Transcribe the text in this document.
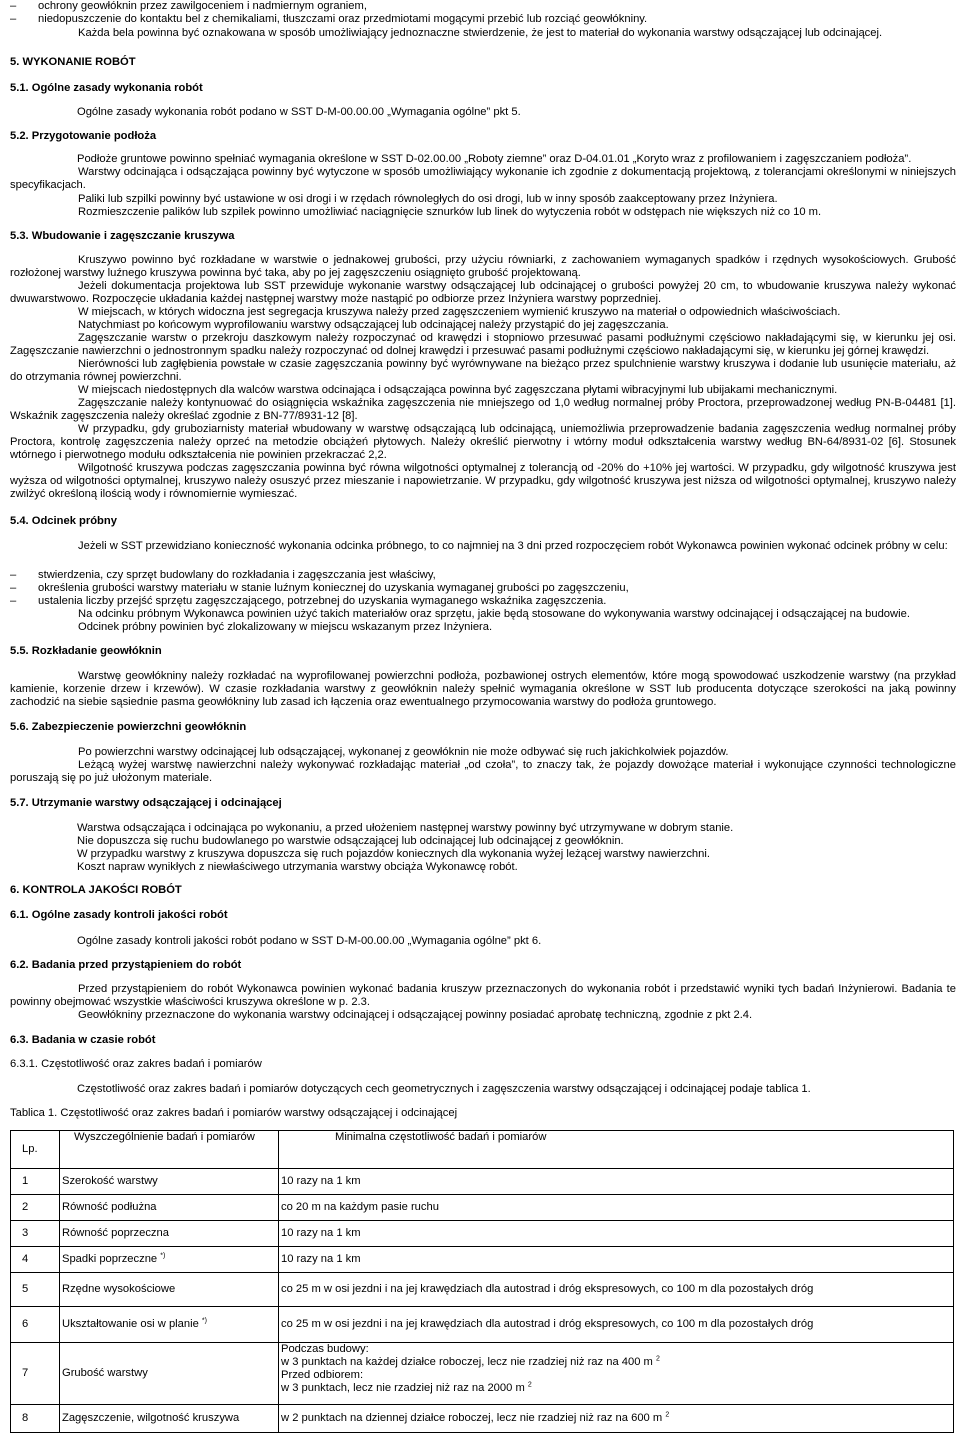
– ochrony geowłóknin przez zawilgoceniem i nadmiernym ograniem,

– niedopuszczenie do kontaktu bel z chemikaliami, tłuszczami oraz przedmiotami mogącymi przebić lub rozciąć geowłókniny.

Każda bela powinna być oznakowana w sposób umożliwiający jednoznaczne stwierdzenie, że jest to materiał do wykonania warstwy odsączającej lub odcinającej.

5. WYKONANIE ROBÓT

5.1. Ogólne zasady wykonania robót

Ogólne zasady wykonania robót podano w SST D-M-00.00.00 „Wymagania ogólne” pkt 5.

5.2. Przygotowanie podłoża

Podłoże gruntowe powinno spełniać wymagania określone w SST D-02.00.00 „Roboty ziemne” oraz D-04.01.01 „Koryto wraz z profilowaniem i zagęszczaniem podłoża”.

Warstwy odcinająca i odsączająca powinny być wytyczone w sposób umożliwiający wykonanie ich zgodnie z dokumentacją projektową, z tolerancjami określonymi w niniejszych specyfikacjach.

Paliki lub szpilki powinny być ustawione w osi drogi i w rzędach równoległych do osi drogi, lub w inny sposób zaakceptowany przez Inżyniera.

Rozmieszczenie palików lub szpilek powinno umożliwiać naciągnięcie sznurków lub linek do wytyczenia robót w odstępach nie większych niż co 10 m.

5.3. Wbudowanie i zagęszczanie kruszywa

Kruszywo powinno być rozkładane w warstwie o jednakowej grubości, przy użyciu równiarki, z zachowaniem wymaganych spadków i rzędnych wysokościowych. Grubość rozłożonej warstwy luźnego kruszywa powinna być taka, aby po jej zagęszczeniu osiągnięto grubość projektowaną.

Jeżeli dokumentacja projektowa lub SST przewiduje wykonanie warstwy odsączającej lub odcinającej o grubości powyżej 20 cm, to wbudowanie kruszywa należy wykonać dwuwarstwowo. Rozpoczęcie układania każdej następnej warstwy może nastąpić po odbiorze przez Inżyniera warstwy poprzedniej.

W miejscach, w których widoczna jest segregacja kruszywa należy przed zagęszczeniem wymienić kruszywo na materiał o odpowiednich właściwościach.

Natychmiast po końcowym wyprofilowaniu warstwy odsączającej lub odcinającej należy przystąpić do jej zagęszczania.

Zagęszczanie warstw o przekroju daszkowym należy rozpoczynać od krawędzi i stopniowo przesuwać pasami podłużnymi częściowo nakładającymi się, w kierunku jej osi. Zagęszczanie nawierzchni o jednostronnym spadku należy rozpoczynać od dolnej krawędzi i przesuwać pasami podłużnymi częściowo nakładającymi się, w kierunku jej górnej krawędzi.

Nierówności lub zagłębienia powstałe w czasie zagęszczania powinny być wyrównywane na bieżąco przez spulchnienie warstwy kruszywa i dodanie lub usunięcie materiału, aż do otrzymania równej powierzchni.

W miejscach niedostępnych dla walców warstwa odcinająca i odsączająca powinna być zagęszczana płytami wibracyjnymi lub ubijakami mechanicznymi.

Zagęszczanie należy kontynuować do osiągnięcia wskaźnika zagęszczenia nie mniejszego od 1,0 według normalnej próby Proctora, przeprowadzonej według PN-B-04481 [1]. Wskaźnik zagęszczenia należy określać zgodnie z BN-77/8931-12 [8].

W przypadku, gdy gruboziarnisty materiał wbudowany w warstwę odsączającą lub odcinającą, uniemożliwia przeprowadzenie badania zagęszczenia według normalnej próby Proctora, kontrolę zagęszczenia należy oprzeć na metodzie obciążeń płytowych. Należy określić pierwotny i wtórny moduł odkształcenia warstwy według BN-64/8931-02 [6]. Stosunek wtórnego i pierwotnego modułu odkształcenia nie powinien przekraczać 2,2.

Wilgotność kruszywa podczas zagęszczania powinna być równa wilgotności optymalnej z tolerancją od -20% do +10% jej wartości. W przypadku, gdy wilgotność kruszywa jest wyższa od wilgotności optymalnej, kruszywo należy osuszyć przez mieszanie i napowietrzanie. W przypadku, gdy wilgotność kruszywa jest niższa od wilgotności optymalnej, kruszywo należy zwilżyć określoną ilością wody i równomiernie wymieszać.

5.4. Odcinek próbny

Jeżeli w SST przewidziano konieczność wykonania odcinka próbnego, to co najmniej na 3 dni przed rozpoczęciem robót Wykonawca powinien wykonać odcinek próbny w celu:

– stwierdzenia, czy sprzęt budowlany do rozkładania i zagęszczania jest właściwy,

– określenia grubości warstwy materiału w stanie luźnym koniecznej do uzyskania wymaganej grubości po zagęszczeniu,

– ustalenia liczby przejść sprzętu zagęszczającego, potrzebnej do uzyskania wymaganego wskaźnika zagęszczenia.

Na odcinku próbnym Wykonawca powinien użyć takich materiałów oraz sprzętu, jakie będą stosowane do wykonywania warstwy odcinającej i odsączającej na budowie.

Odcinek próbny powinien być zlokalizowany w miejscu wskazanym przez Inżyniera.

5.5. Rozkładanie geowłóknin

Warstwę geowłókniny należy rozkładać na wyprofilowanej powierzchni podłoża, pozbawionej ostrych elementów, które mogą spowodować uszkodzenie warstwy (na przykład kamienie, korzenie drzew i krzewów). W czasie rozkładania warstwy z geowłóknin należy spełnić wymagania określone w SST lub producenta dotyczące szerokości na jaką powinny zachodzić na siebie sąsiednie pasma geowłókniny lub zasad ich łączenia oraz ewentualnego przymocowania warstwy do podłoża gruntowego.

5.6. Zabezpieczenie powierzchni geowłóknin

Po powierzchni warstwy odcinającej lub odsączającej, wykonanej z geowłóknin nie może odbywać się ruch jakichkolwiek pojazdów.

Leżącą wyżej warstwę nawierzchni należy wykonywać rozkładając materiał „od czoła”, to znaczy tak, że pojazdy dowożące materiał i wykonujące czynności technologiczne poruszają się po już ułożonym materiale.

5.7. Utrzymanie warstwy odsączającej i odcinającej

Warstwa odsączająca i odcinająca po wykonaniu, a przed ułożeniem następnej warstwy powinny być utrzymywane w dobrym stanie.

Nie dopuszcza się ruchu budowlanego po warstwie odsączającej lub odcinającej lub odcinającej z geowłóknin.

W przypadku warstwy z kruszywa dopuszcza się ruch pojazdów koniecznych dla wykonania wyżej leżącej warstwy nawierzchni.

Koszt napraw wynikłych z niewłaściwego utrzymania warstwy obciąża Wykonawcę robót.

6. KONTROLA JAKOŚCI ROBÓT

6.1. Ogólne zasady kontroli jakości robót

Ogólne zasady kontroli jakości robót podano w SST D-M-00.00.00 „Wymagania ogólne” pkt 6.

6.2. Badania przed przystąpieniem do robót

Przed przystąpieniem do robót Wykonawca powinien wykonać badania kruszyw przeznaczonych do wykonania robót i przedstawić wyniki tych badań Inżynierowi. Badania te powinny obejmować wszystkie właściwości kruszywa określone w p. 2.3.

Geowłókniny przeznaczone do wykonania warstwy odcinającej i odsączającej powinny posiadać aprobatę techniczną, zgodnie z pkt 2.4.

6.3. Badania w czasie robót

6.3.1. Częstotliwość oraz zakres badań i pomiarów

Częstotliwość oraz zakres badań i pomiarów dotyczących cech geometrycznych i zagęszczenia warstwy odsączającej i odcinającej podaje tablica 1.

Tablica 1. Częstotliwość oraz zakres badań i pomiarów warstwy odsączającej i odcinającej

Lp.	Wyszczególnienie badań i pomiarów	Minimalna częstotliwość badań i pomiarów
1	Szerokość warstwy	10 razy na 1 km
2	Równość podłużna	co 20 m na każdym pasie ruchu
3	Równość poprzeczna	10 razy na 1 km
4	Spadki poprzeczne *)	10 razy na 1 km
5	Rzędne wysokościowe	co 25 m w osi jezdni i na jej krawędziach dla autostrad i dróg ekspresowych, co 100 m dla pozostałych dróg
6	Ukształtowanie osi w planie *)	co 25 m w osi jezdni i na jej krawędziach dla autostrad i dróg ekspresowych, co 100 m dla pozostałych dróg
7	Grubość warstwy	Podczas budowy:
w 3 punktach na każdej działce roboczej, lecz nie rzadziej niż raz na 400 m $^2$
Przed odbiorem:
w 3 punktach, lecz nie rzadziej niż raz na 2000 m $^2$

8	Zagęszczenie, wilgotność kruszywa	w 2 punktach na dziennej działce roboczej, lecz nie rzadziej niż raz na 600 m $^2$
